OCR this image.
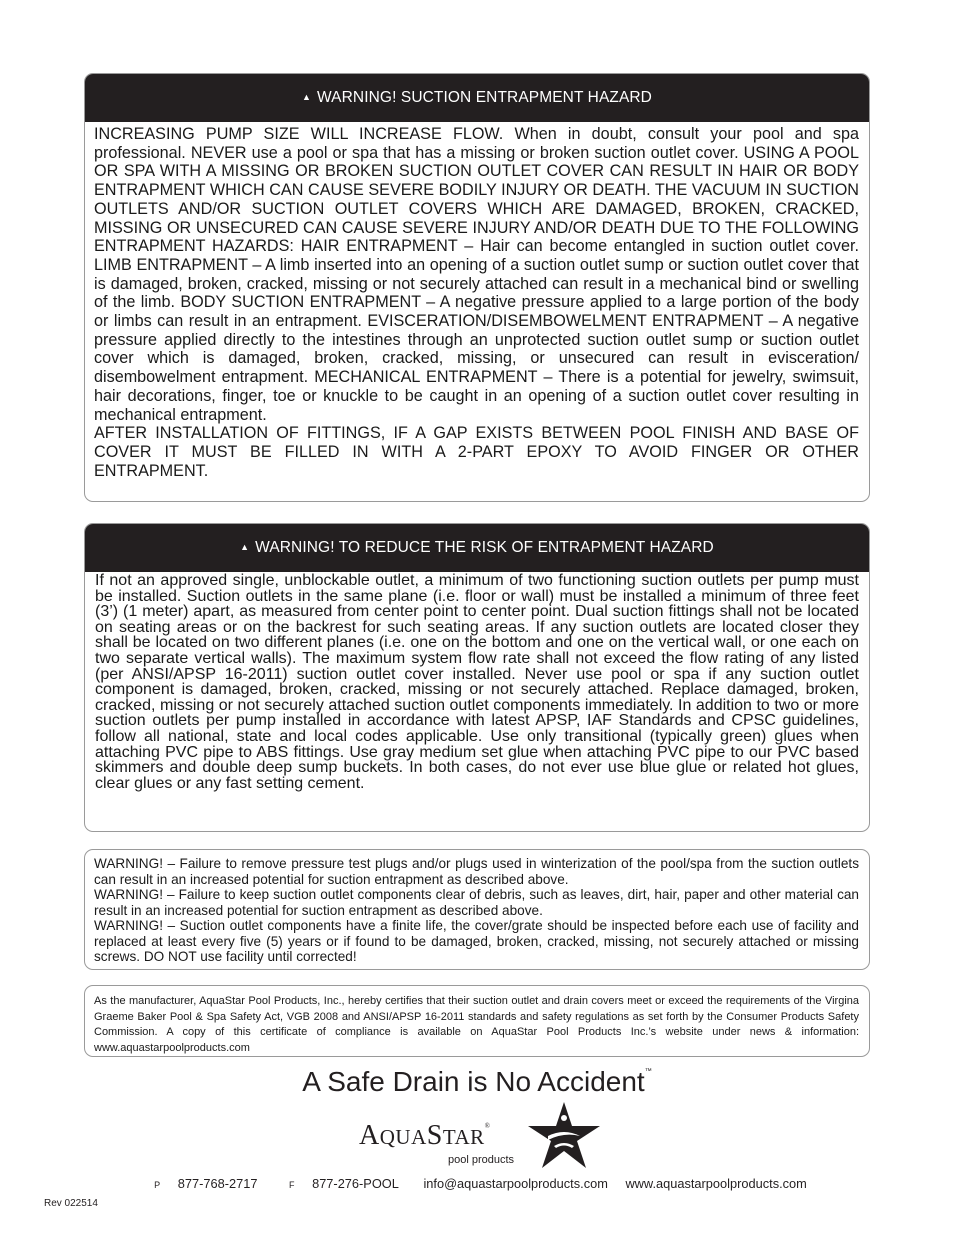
▲ WARNING! SUCTION ENTRAPMENT HAZARD

INCREASING PUMP SIZE WILL INCREASE FLOW. When in doubt, consult your pool and spa professional. NEVER use a pool or spa that has a missing or broken suction outlet cover. USING A POOL OR SPA WITH A MISSING OR BROKEN SUCTION OUTLET COVER CAN RESULT IN HAIR OR BODY ENTRAPMENT WHICH CAN CAUSE SEVERE BODILY INJURY OR DEATH. THE VACUUM IN SUCTION OUTLETS AND/OR SUCTION OUTLET COVERS WHICH ARE DAMAGED, BROKEN, CRACKED, MISSING OR UNSECURED CAN CAUSE SEVERE INJURY AND/OR DEATH DUE TO THE FOLLOWING ENTRAPMENT HAZARDS: HAIR ENTRAPMENT – Hair can become entangled in suction outlet cover. LIMB ENTRAPMENT – A limb inserted into an opening of a suction outlet sump or suction outlet cover that is damaged, broken, cracked, missing or not securely attached can result in a mechanical bind or swelling of the limb. BODY SUCTION ENTRAPMENT – A negative pressure applied to a large portion of the body or limbs can result in an entrapment. EVISCERATION/DISEMBOWELMENT ENTRAPMENT – A negative pressure applied directly to the intestines through an unprotected suction outlet sump or suction outlet cover which is damaged, broken, cracked, missing, or unsecured can result in evisceration/ disembowelment entrapment. MECHANICAL ENTRAPMENT – There is a potential for jewelry, swimsuit, hair decorations, finger, toe or knuckle to be caught in an opening of a suction outlet cover resulting in mechanical entrapment.

AFTER INSTALLATION OF FITTINGS, IF A GAP EXISTS BETWEEN POOL FINISH AND BASE OF COVER IT MUST BE FILLED IN WITH A 2-PART EPOXY TO AVOID FINGER OR OTHER ENTRAPMENT.

▲ WARNING! TO REDUCE THE RISK OF ENTRAPMENT HAZARD

If not an approved single, unblockable outlet, a minimum of two functioning suction outlets per pump must be installed. Suction outlets in the same plane (i.e. floor or wall) must be installed a minimum of three feet (3’) (1 meter) apart, as measured from center point to center point. Dual suction fittings shall not be located on seating areas or on the backrest for such seating areas. If any suction outlets are located closer they shall be located on two different planes (i.e. one on the bottom and one on the vertical wall, or one each on two separate vertical walls). The maximum system flow rate shall not exceed the flow rating of any listed (per ANSI/APSP 16-2011) suction outlet cover installed. Never use pool or spa if any suction outlet component is damaged, broken, cracked, missing or not securely attached. Replace damaged, broken, cracked, missing or not securely attached suction outlet components immediately. In addition to two or more suction outlets per pump installed in accordance with latest APSP, IAF Standards and CPSC guidelines, follow all national, state and local codes applicable. Use only transitional (typically green) glues when attaching PVC pipe to ABS fittings. Use gray medium set glue when attaching PVC pipe to our PVC based skimmers and double deep sump buckets. In both cases, do not ever use blue glue or related hot glues, clear glues or any fast setting cement.

WARNING! – Failure to remove pressure test plugs and/or plugs used in winterization of the pool/spa from the suction outlets can result in an increased potential for suction entrapment as described above.

WARNING! – Failure to keep suction outlet components clear of debris, such as leaves, dirt, hair, paper and other material can result in an increased potential for suction entrapment as described above.

WARNING! – Suction outlet components have a finite life, the cover/grate should be inspected before each use of facility and replaced at least every five (5) years or if found to be damaged, broken, cracked, missing, not securely attached or missing screws. DO NOT use facility until corrected!

As the manufacturer, AquaStar Pool Products, Inc., hereby certifies that their suction outlet and drain covers meet or exceed the requirements of the Virgina Graeme Baker Pool & Spa Safety Act, VGB 2008 and ANSI/APSP 16-2011 standards and safety regulations as set forth by the Consumer Products Safety Commission. A copy of this certificate of compliance is available on AquaStar Pool Products Inc.’s website under news & information: www.aquastarpoolproducts.com

A Safe Drain is No Accident™
AQUASTAR®
pool products
P 877-768-2717	F 877-276-POOL info@aquastarpoolproducts.com www.aquastarpoolproducts.com
Rev 022514
